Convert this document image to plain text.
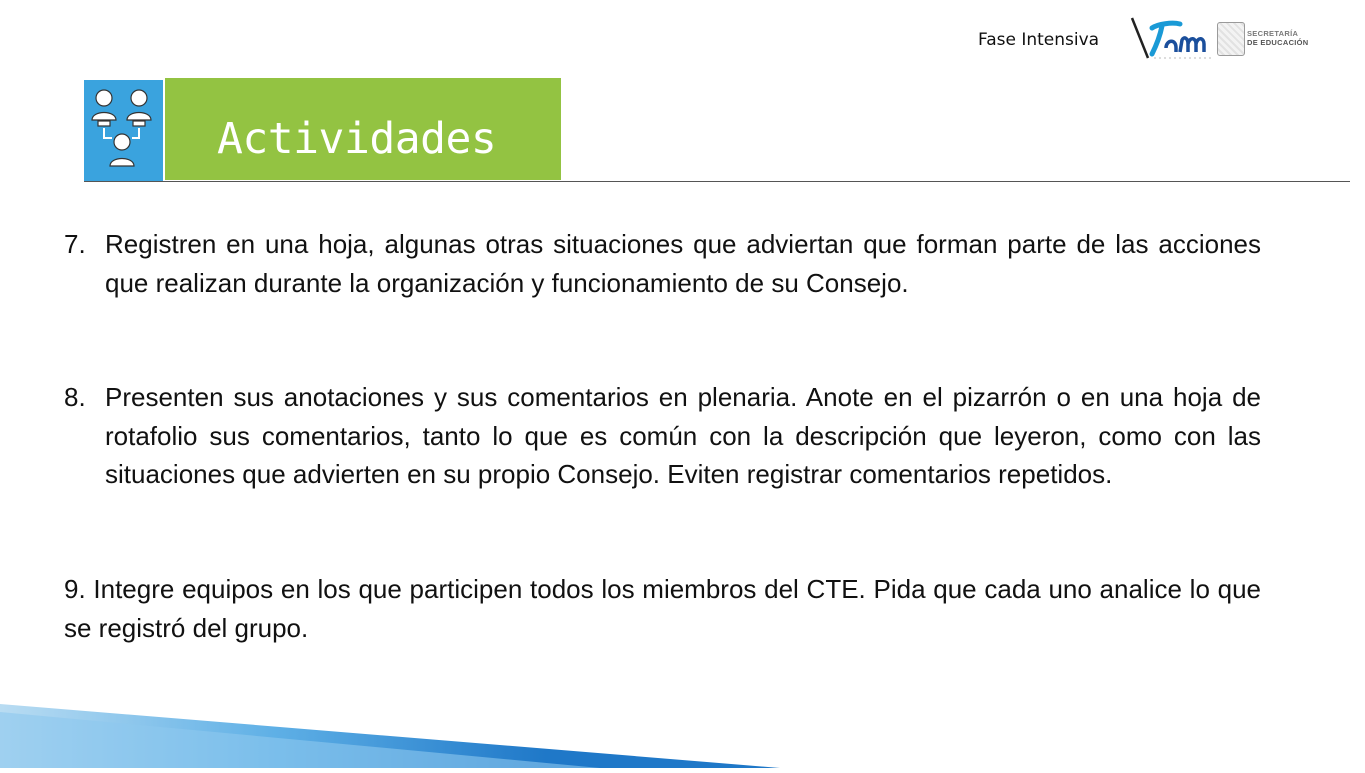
Fase Intensiva	SECRETARÍA
DE EDUCACIÓN
Actividades
7. Registren en una hoja, algunas otras situaciones que adviertan que forman parte de las acciones que realizan durante la organización y funcionamiento de su Consejo.
8. Presenten sus anotaciones y sus comentarios en plenaria. Anote en el pizarrón o en una hoja de rotafolio sus comentarios, tanto lo que es común con la descripción que leyeron, como con las situaciones que advierten en su propio Consejo. Eviten registrar comentarios repetidos.
9. Integre equipos en los que participen todos los miembros del CTE. Pida que cada uno analice lo que se registró del grupo.
